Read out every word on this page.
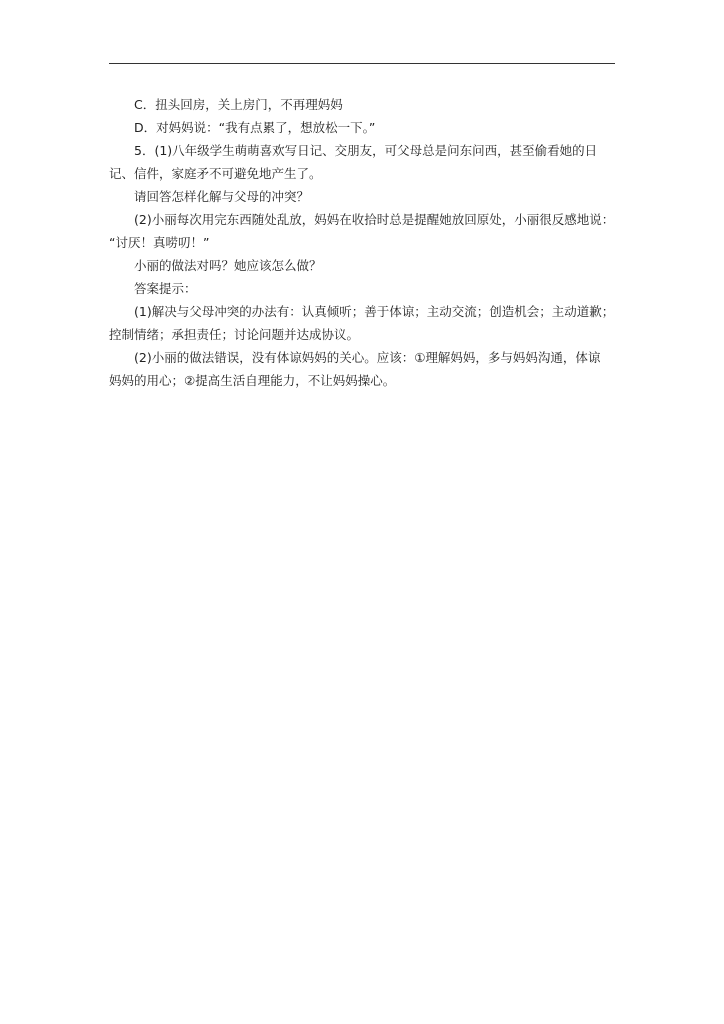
C．扭头回房，关上房门，不再理妈妈

D．对妈妈说：“我有点累了，想放松一下。”

5．(1)八年级学生萌萌喜欢写日记、交朋友，可父母总是问东问西，甚至偷看她的日

记、信件，家庭矛不可避免地产生了。

请回答怎样化解与父母的冲突？

(2)小丽每次用完东西随处乱放，妈妈在收拾时总是提醒她放回原处，小丽很反感地说：

“讨厌！真唠叨！”

小丽的做法对吗？她应该怎么做？

答案提示：

(1)解决与父母冲突的办法有：认真倾听；善于体谅；主动交流；创造机会；主动道歉；

控制情绪；承担责任；讨论问题并达成协议。

(2)小丽的做法错误，没有体谅妈妈的关心。应该：①理解妈妈，多与妈妈沟通，体谅

妈妈的用心；②提高生活自理能力，不让妈妈操心。
